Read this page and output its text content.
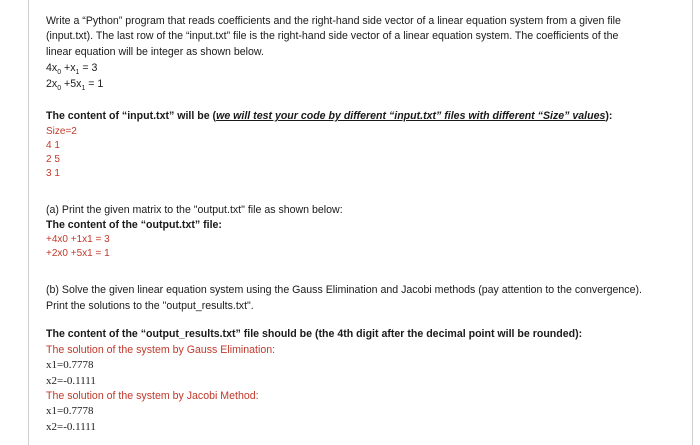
Write a “Python” program that reads coefficients and the right-hand side vector of a linear equation system from a given file

(input.txt). The last row of the “input.txt” file is the right-hand side vector of a linear equation system. The coefficients of the

linear equation will be integer as shown below.

$4x_0 +x_1 = 3$

$2x_0 +5x_1 = 1$

The content of “input.txt” will be (we will test your code by different “input.txt” files with different “Size” values):

Size=2

4 1

2 5

3 1

(a) Print the given matrix to the "output.txt" file as shown below:

The content of the “output.txt” file:

+4x0 +1x1 = 3

+2x0 +5x1 = 1

(b) Solve the given linear equation system using the Gauss Elimination and Jacobi methods (pay attention to the convergence).

Print the solutions to the "output_results.txt".

The content of the “output_results.txt” file should be (the 4th digit after the decimal point will be rounded):

The solution of the system by Gauss Elimination:

x1=0.7778

x2=-0.1111

The solution of the system by Jacobi Method:

x1=0.7778

x2=-0.1111
